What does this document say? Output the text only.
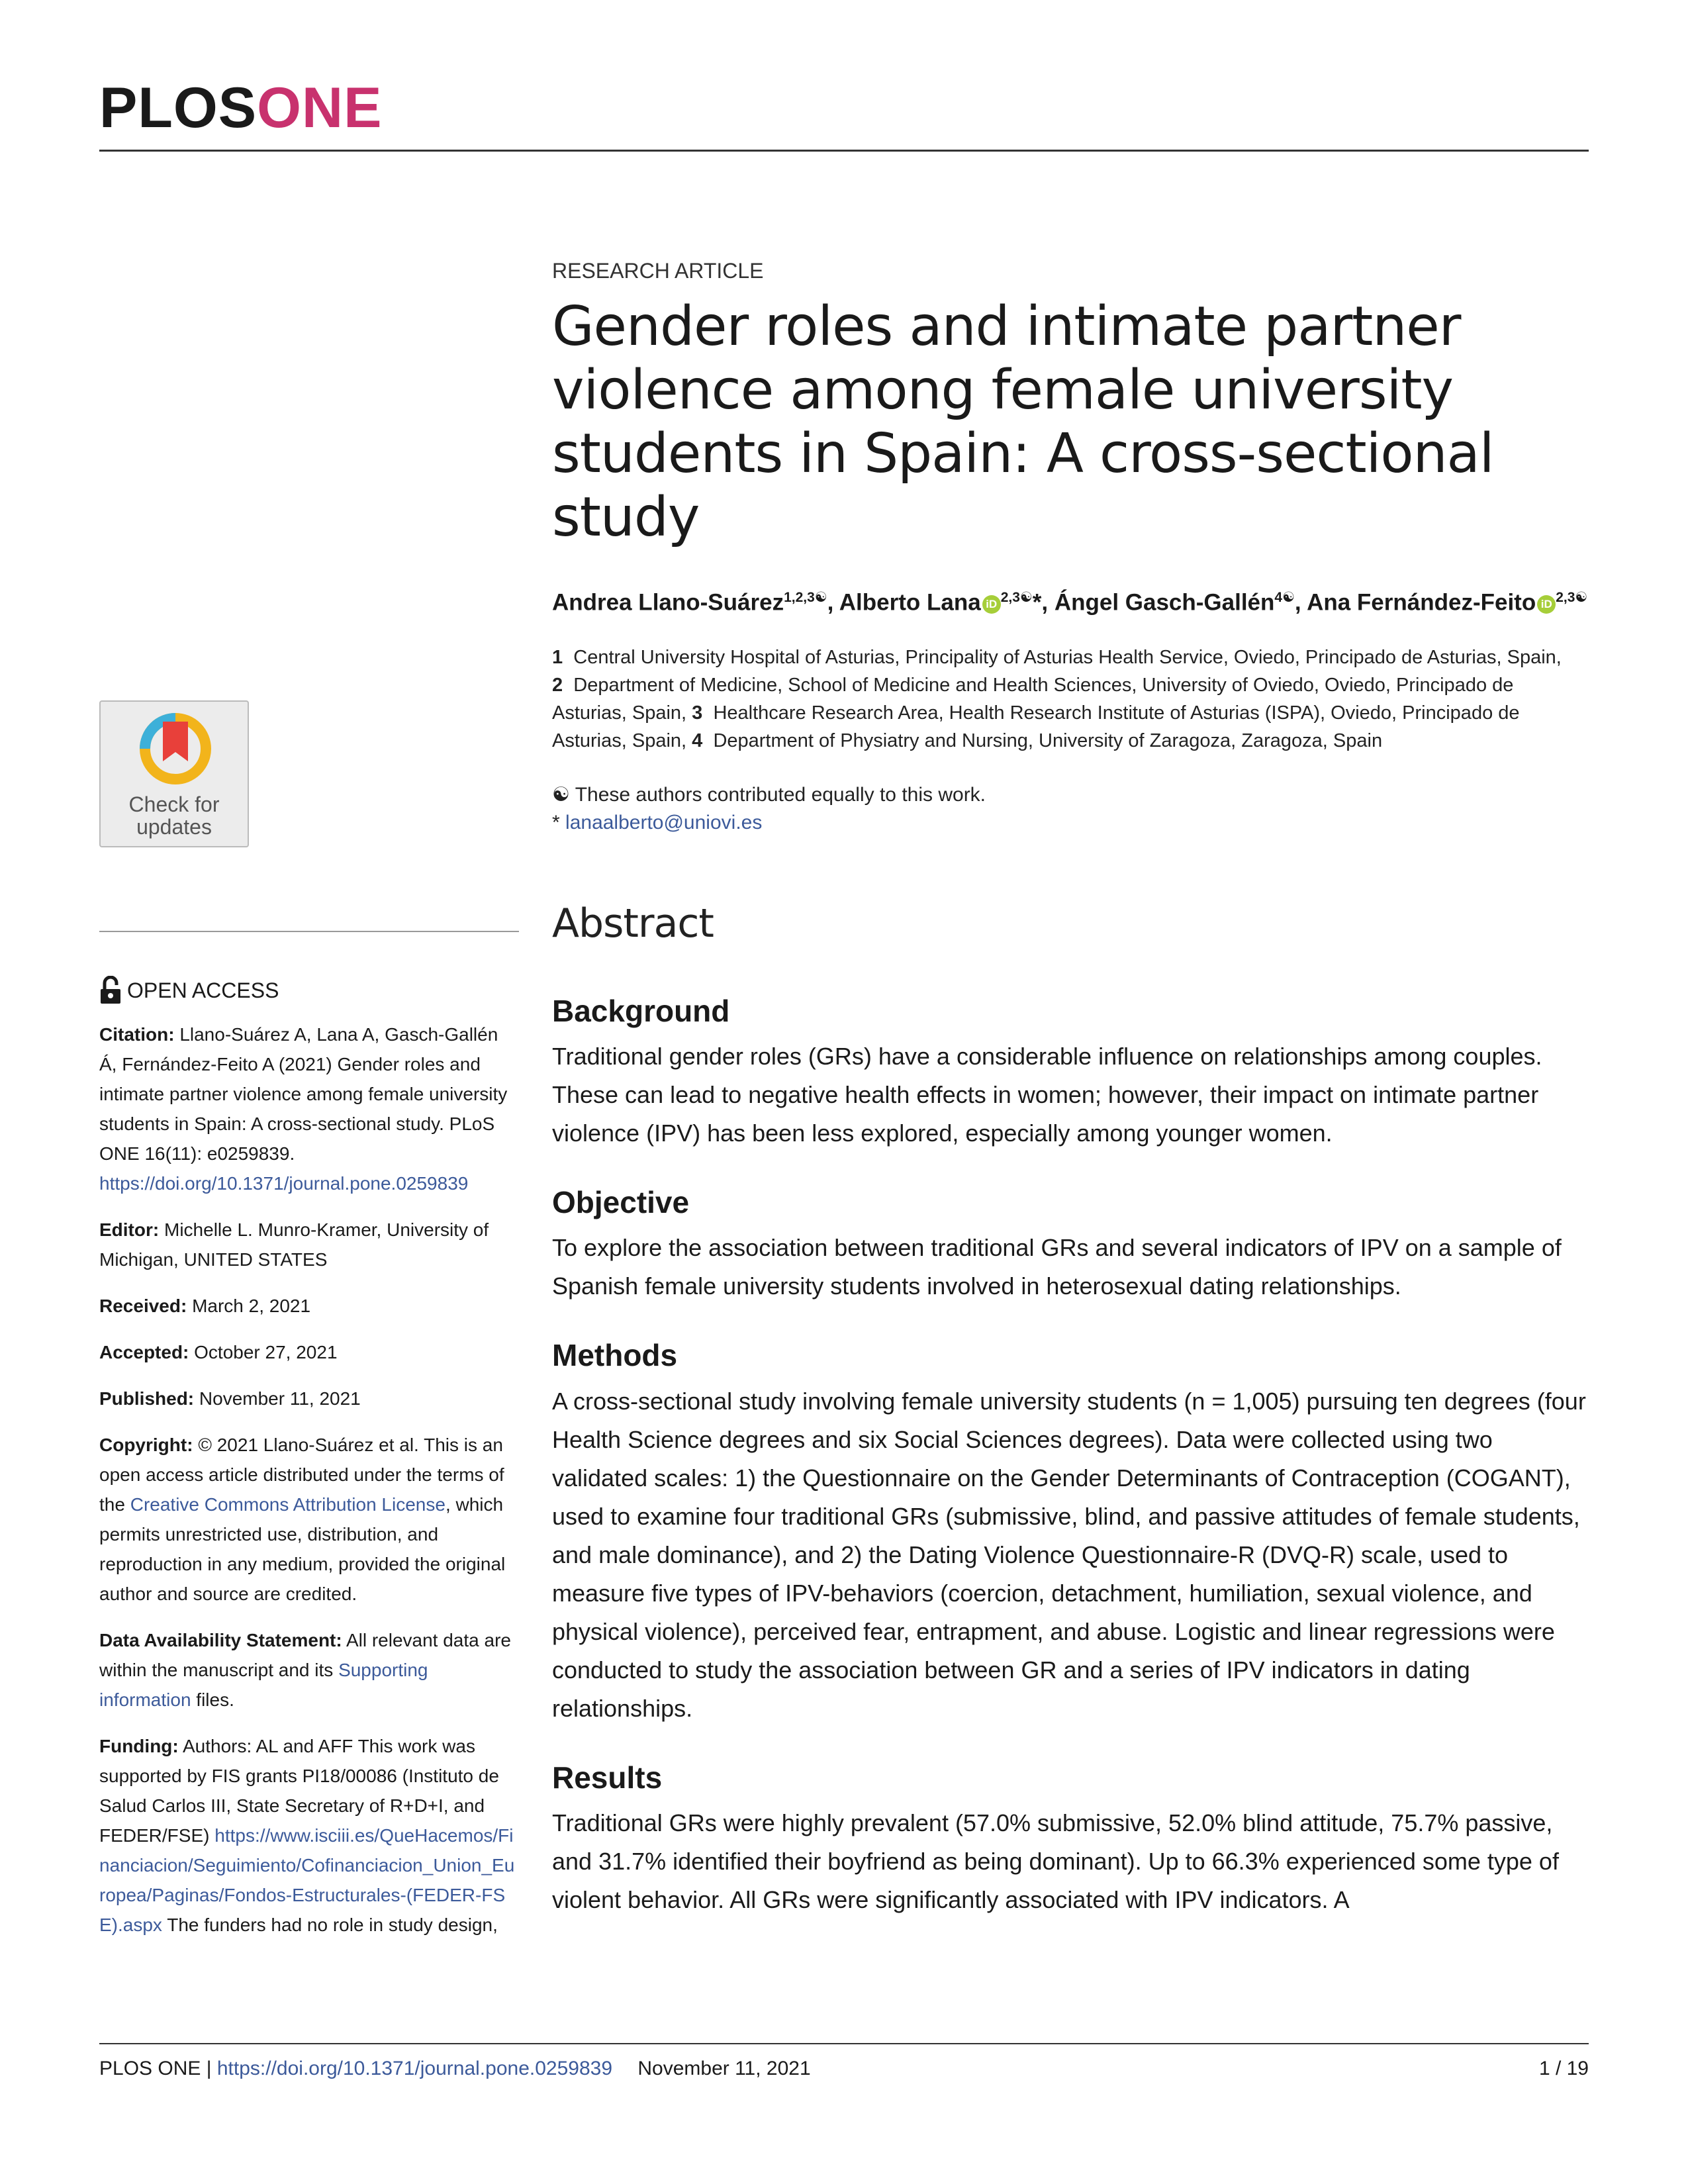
PLOSONE
Check for updates
OPEN ACCESS

Citation: Llano-Suárez A, Lana A, Gasch-Gallén Á, Fernández-Feito A (2021) Gender roles and intimate partner violence among female university students in Spain: A cross-sectional study. PLoS ONE 16(11): e0259839. https://doi.org/10.1371/journal.pone.0259839

Editor: Michelle L. Munro-Kramer, University of Michigan, UNITED STATES

Received: March 2, 2021

Accepted: October 27, 2021

Published: November 11, 2021

Copyright: © 2021 Llano-Suárez et al. This is an open access article distributed under the terms of the Creative Commons Attribution License, which permits unrestricted use, distribution, and reproduction in any medium, provided the original author and source are credited.

Data Availability Statement: All relevant data are within the manuscript and its Supporting information files.

Funding: Authors: AL and AFF This work was supported by FIS grants PI18/00086 (Instituto de Salud Carlos III, State Secretary of R+D+I, and FEDER/FSE) https://www.isciii.es/QueHacemos/Financiacion/Seguimiento/Cofinanciacion_Union_Europea/Paginas/Fondos-Estructurales-(FEDER-FSE).aspx The funders had no role in study design,

RESEARCH ARTICLE

Gender roles and intimate partner violence among female university students in Spain: A cross-sectional study

Andrea Llano-Suárez$^{1,2,3☯}$, Alberto Lana iD $^{2,3☯}$*, Ángel Gasch-Gallén$^{4☯}$, Ana Fernández-Feito iD $^{2,3☯}$

1 Central University Hospital of Asturias, Principality of Asturias Health Service, Oviedo, Principado de Asturias, Spain, 2 Department of Medicine, School of Medicine and Health Sciences, University of Oviedo, Oviedo, Principado de Asturias, Spain, 3 Healthcare Research Area, Health Research Institute of Asturias (ISPA), Oviedo, Principado de Asturias, Spain, 4 Department of Physiatry and Nursing, University of Zaragoza, Zaragoza, Spain

☯ These authors contributed equally to this work.
* lanaalberto@uniovi.es
Abstract
Background

Traditional gender roles (GRs) have a considerable influence on relationships among couples. These can lead to negative health effects in women; however, their impact on intimate partner violence (IPV) has been less explored, especially among younger women.

Objective

To explore the association between traditional GRs and several indicators of IPV on a sample of Spanish female university students involved in heterosexual dating relationships.

Methods

A cross-sectional study involving female university students (n = 1,005) pursuing ten degrees (four Health Science degrees and six Social Sciences degrees). Data were collected using two validated scales: 1) the Questionnaire on the Gender Determinants of Contraception (COGANT), used to examine four traditional GRs (submissive, blind, and passive attitudes of female students, and male dominance), and 2) the Dating Violence Questionnaire-R (DVQ-R) scale, used to measure five types of IPV-behaviors (coercion, detachment, humiliation, sexual violence, and physical violence), perceived fear, entrapment, and abuse. Logistic and linear regressions were conducted to study the association between GR and a series of IPV indicators in dating relationships.

Results

Traditional GRs were highly prevalent (57.0% submissive, 52.0% blind attitude, 75.7% passive, and 31.7% identified their boyfriend as being dominant). Up to 66.3% experienced some type of violent behavior. All GRs were significantly associated with IPV indicators. A

PLOS ONE | https://doi.org/10.1371/journal.pone.0259839 November 11, 2021	1 / 19
